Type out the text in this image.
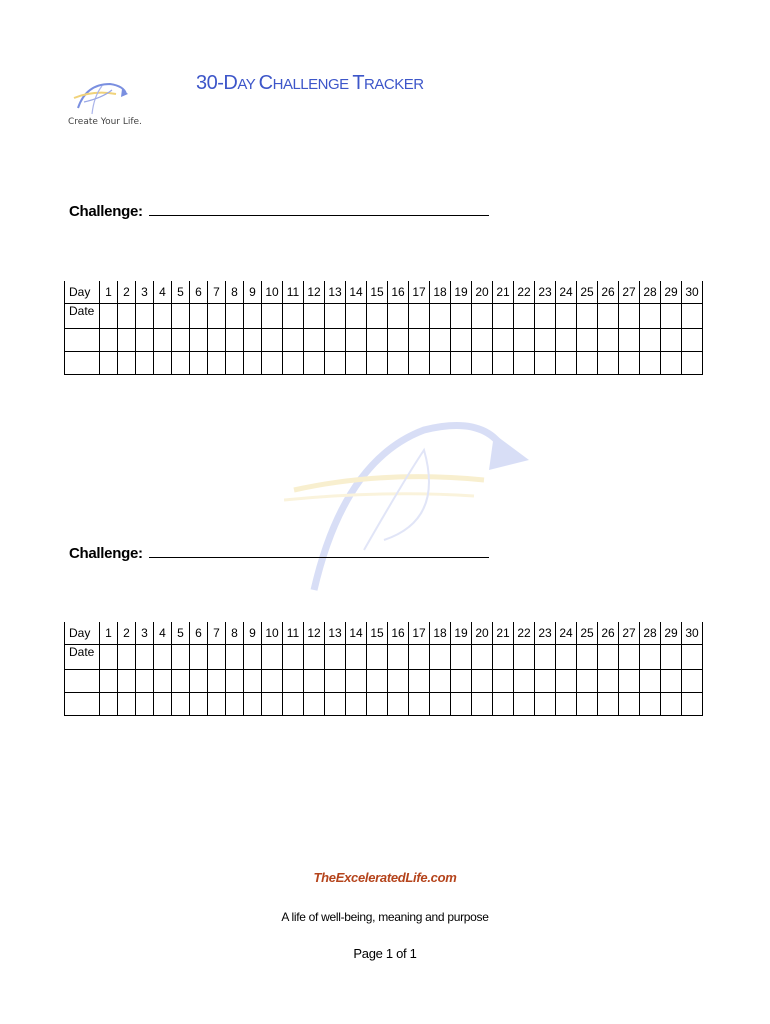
Create Your Life.
30-DAY CHALLENGE TRACKER
Challenge:
Day	1	2	3	4	5	6	7	8	9	10	11	12	13	14	15	16	17	18	19	20	21	22	23	24	25	26	27	28	29	30
Date																														

Challenge:
Day	1	2	3	4	5	6	7	8	9	10	11	12	13	14	15	16	17	18	19	20	21	22	23	24	25	26	27	28	29	30
Date																														

TheExceleratedLife.com
A life of well-being, meaning and purpose
Page 1 of 1
